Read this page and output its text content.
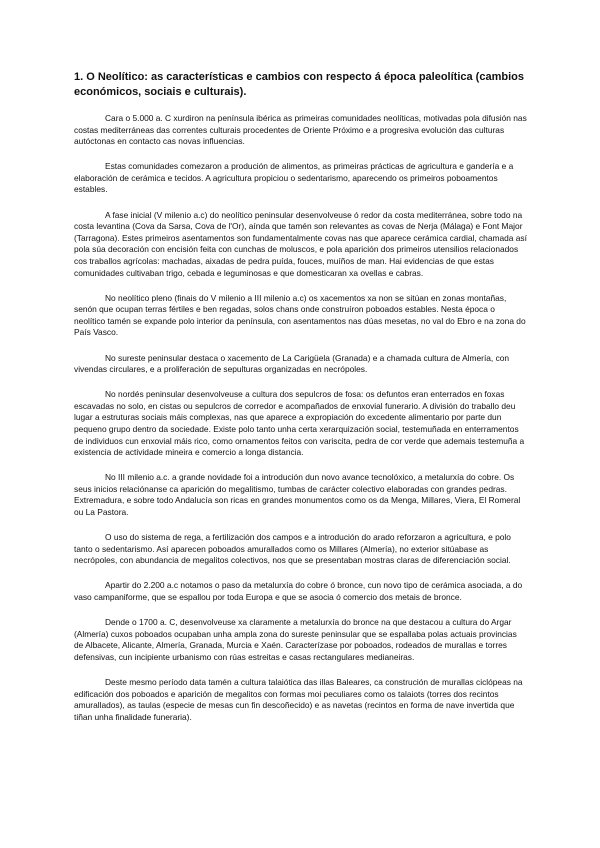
1. O Neolítico: as características e cambios con respecto á época paleolítica (cambios económicos, sociais e culturais).

Cara o 5.000 a. C xurdiron na península ibérica as primeiras comunidades neolíticas, motivadas pola difusión nas costas mediterráneas das correntes culturais procedentes de Oriente Próximo e a progresiva evolución das culturas autóctonas en contacto cas novas influencias.

Estas comunidades comezaron a produción de alimentos, as primeiras prácticas de agricultura e gandería e a elaboración de cerámica e tecidos. A agricultura propiciou o sedentarismo, aparecendo os primeiros poboamentos estables.

A fase inicial (V milenio a.c) do neolítico peninsular desenvolveuse ó redor da costa mediterránea, sobre todo na costa levantina (Cova da Sarsa, Cova de l'Or), aínda que tamén son relevantes as covas de Nerja (Málaga) e Font Major (Tarragona). Estes primeiros asentamentos son fundamentalmente covas nas que aparece cerámica cardial, chamada así pola súa decoración con encisión feita con cunchas de moluscos, e pola aparición dos primeiros utensilios relacionados cos traballos agrícolas: machadas, aixadas de pedra puída, fouces, muíños de man. Hai evidencias de que estas comunidades cultivaban trigo, cebada e leguminosas e que domesticaran xa ovellas e cabras.

No neolítico pleno (finais do V milenio a III milenio a.c) os xacementos xa non se sitúan en zonas montañas, senón que ocupan terras fértiles e ben regadas, solos chans onde construíron poboados estables. Nesta época o neolítico tamén se expande polo interior da península, con asentamentos nas dúas mesetas, no val do Ebro e na zona do País Vasco.

No sureste peninsular destaca o xacemento de La Carigüela (Granada) e a chamada cultura de Almería, con vivendas circulares, e a proliferación de sepulturas organizadas en necrópoles.

No nordés peninsular desenvolveuse a cultura dos sepulcros de fosa: os defuntos eran enterrados en foxas escavadas no solo, en cistas ou sepulcros de corredor e acompañados de enxovial funerario. A división do traballo deu lugar a estruturas sociais máis complexas, nas que aparece a expropiación do excedente alimentario por parte dun pequeno grupo dentro da sociedade. Existe polo tanto unha certa xerarquización social, testemuñada en enterramentos de individuos cun enxovial máis rico, como ornamentos feitos con variscita, pedra de cor verde que ademais testemuña a existencia de actividade mineira e comercio a longa distancia.

No III milenio a.c. a grande novidade foi a introdución dun novo avance tecnolóxico, a metalurxía do cobre. Os seus inicios relaciónanse ca aparición do megalitismo, tumbas de carácter colectivo elaboradas con grandes pedras. Extremadura, e sobre todo Andalucía son ricas en grandes monumentos como os da Menga, Millares, Viera, El Romeral ou La Pastora.

O uso do sistema de rega, a fertilización dos campos e a introdución do arado reforzaron a agricultura, e polo tanto o sedentarismo. Así aparecen poboados amurallados como os Millares (Almería), no exterior sitúabase as necrópoles, con abundancia de megalitos colectivos, nos que se presentaban mostras claras de diferenciación social.

Apartir do 2.200 a.c notamos o paso da metalurxía do cobre ó bronce, cun novo tipo de cerámica asociada, a do vaso campaniforme, que se espallou por toda Europa e que se asocia ó comercio dos metais de bronce.

Dende o 1700 a. C, desenvolveuse xa claramente a metalurxía do bronce na que destacou a cultura do Argar (Almería) cuxos poboados ocupaban unha ampla zona do sureste peninsular que se espallaba polas actuais provincias de Albacete, Alicante, Almería, Granada, Murcia e Xaén. Caracterízase por poboados, rodeados de murallas e torres defensivas, cun incipiente urbanismo con rúas estreitas e casas rectangulares medianeiras.

Deste mesmo período data tamén a cultura talaiótica das illas Baleares, ca construción de murallas ciclópeas na edificación dos poboados e aparición de megalitos con formas moi peculiares como os talaiots (torres dos recintos amurallados), as taulas (especie de mesas cun fin descoñecido) e as navetas (recintos en forma de nave invertida que tiñan unha finalidade funeraria).
